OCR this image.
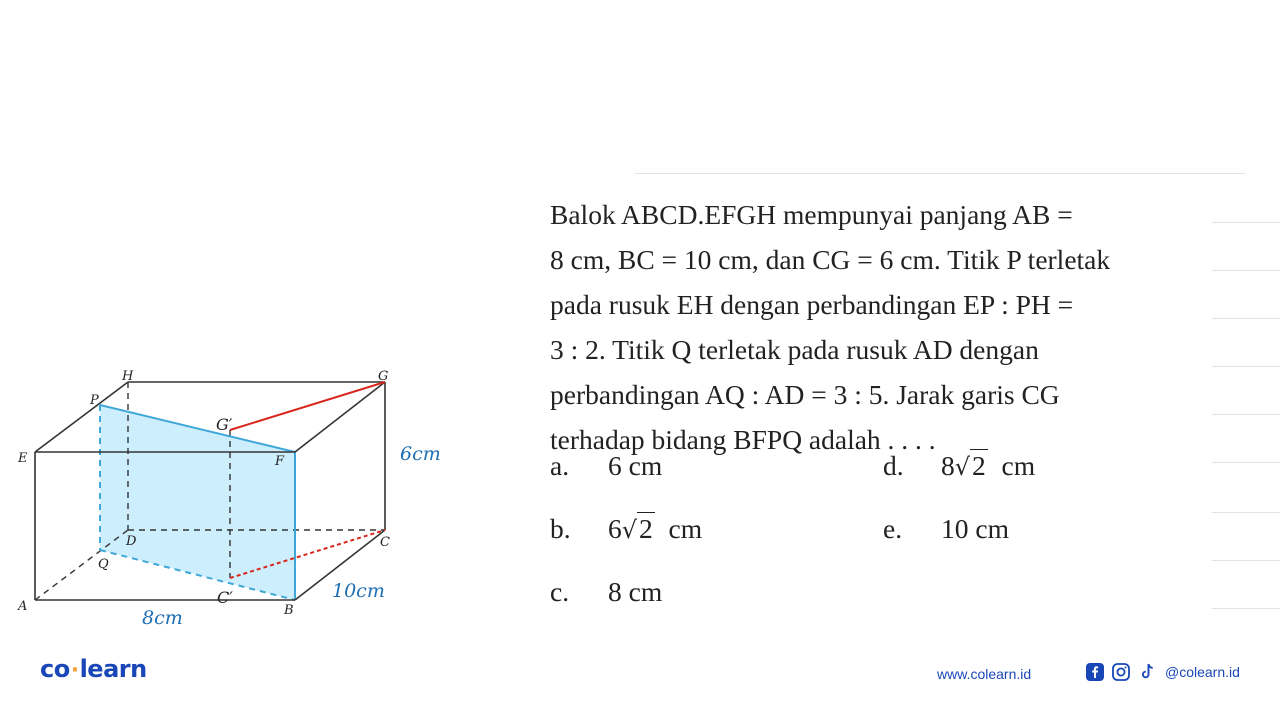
H	G
P
E	F
G′
D	C
Q
A	C′
B
6cm
10cm
8cm

Balok ABCD.EFGH mempunyai panjang AB =

8 cm, BC = 10 cm, dan CG = 6 cm. Titik P terletak

pada rusuk EH dengan perbandingan EP : PH =

3 : 2. Titik Q terletak pada rusuk AD dengan

perbandingan AQ : AD = 3 : 5. Jarak garis CG

terhadap bidang BFPQ adalah . . . .

a. 6 cm
b. 6√2 cm
c. 8 cm
d. 8√2 cm
e. 10 cm
co·learn	www.colearn.id	@colearn.id
